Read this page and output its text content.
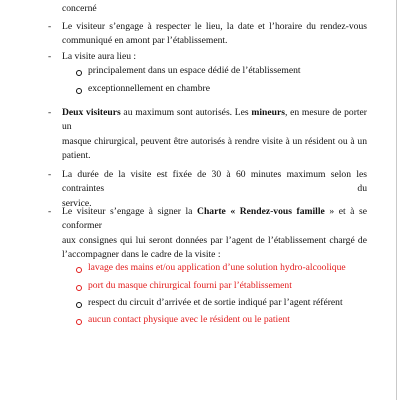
concerné
- Le visiteur s’engage à respecter le lieu, la date et l’horaire du rendez-vous
communiqué en amont par l’établissement.
- La visite aura lieu :
principalement dans un espace dédié de l’établissement
exceptionnellement en chambre
- Deux visiteurs au maximum sont autorisés. Les mineurs, en mesure de porter un
masque chirurgical, peuvent être autorisés à rendre visite à un résident ou à un
patient.
- La durée de la visite est fixée de 30 à 60 minutes maximum selon les contraintes du
service.
- Le visiteur s’engage à signer la Charte « Rendez-vous famille » et à se conformer
aux consignes qui lui seront données par l’agent de l’établissement chargé de
l’accompagner dans le cadre de la visite :
lavage des mains et/ou application d’une solution hydro-alcoolique
port du masque chirurgical fourni par l’établissement
respect du circuit d’arrivée et de sortie indiqué par l’agent référent
aucun contact physique avec le résident ou le patient
